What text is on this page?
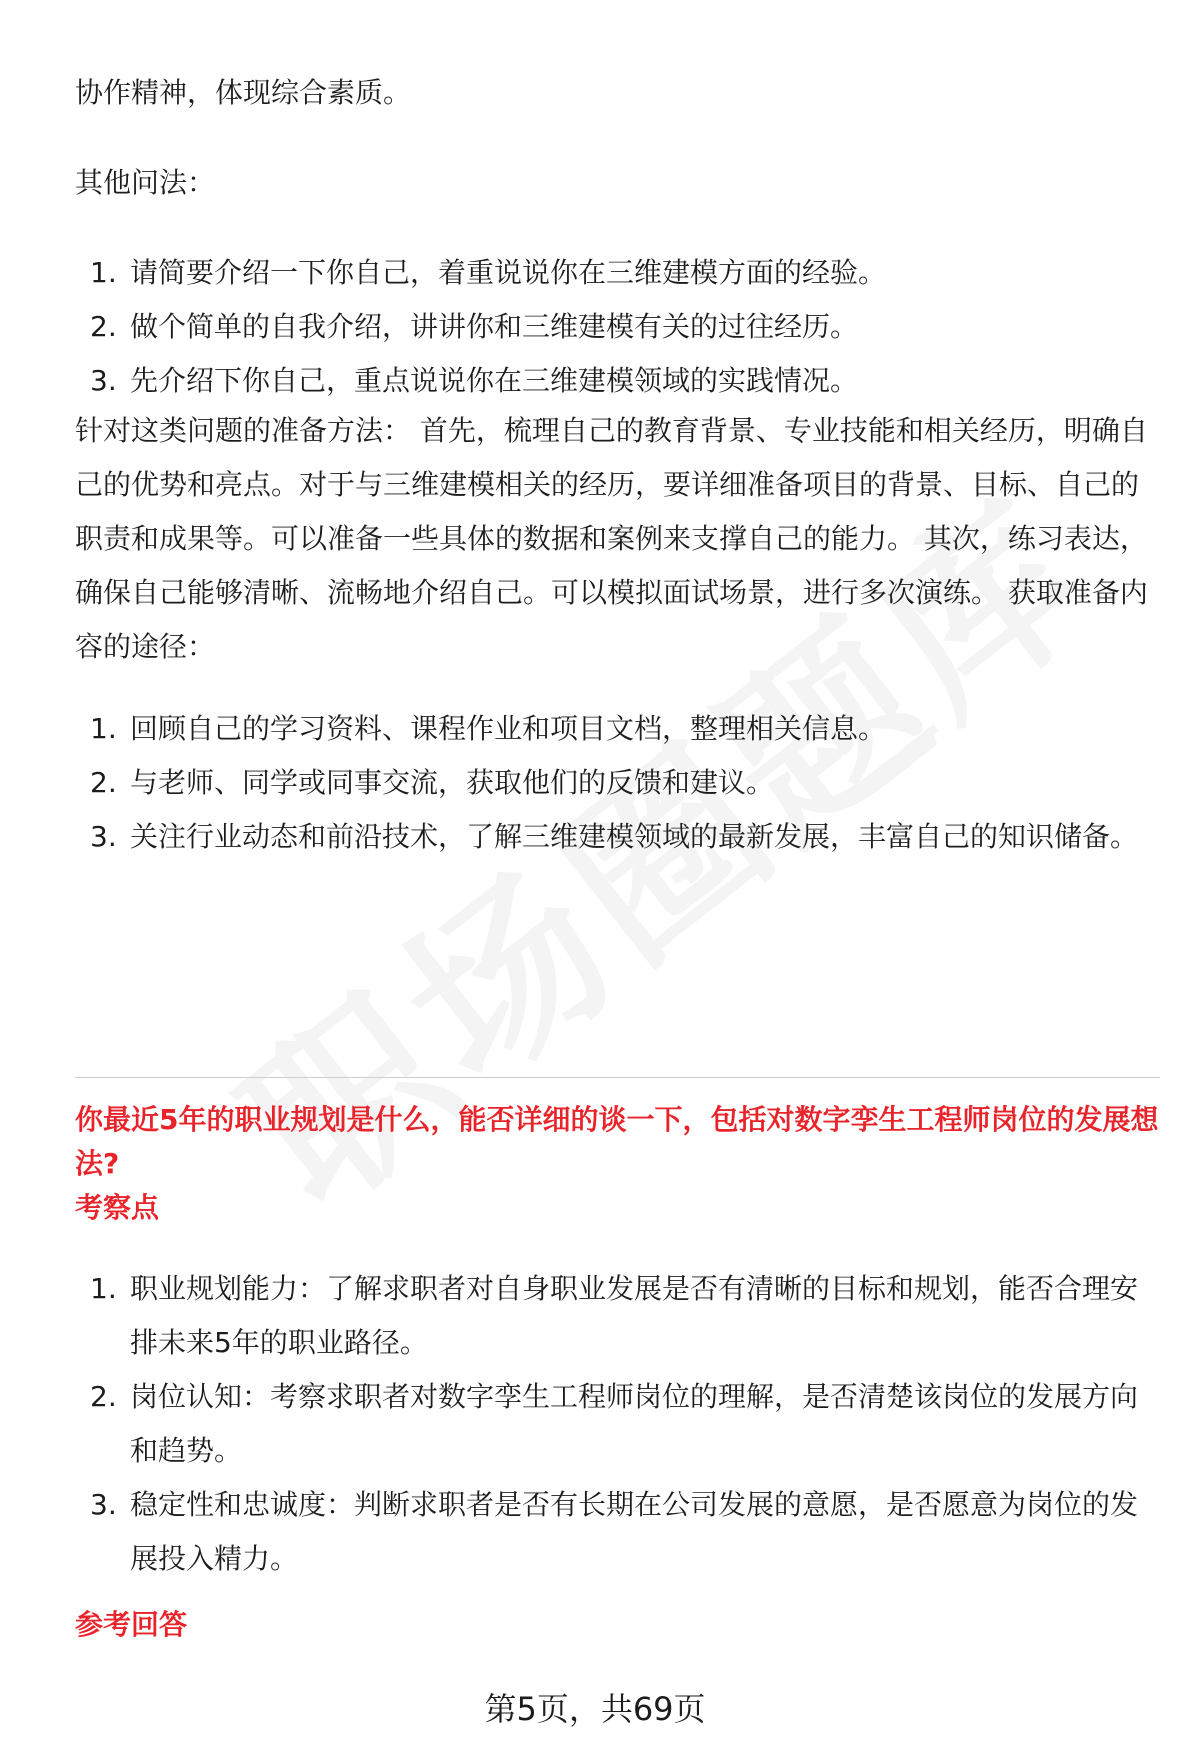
协作精神，体现综合素质。

其他问法：

1. 请简要介绍一下你自己，着重说说你在三维建模方面的经验。
2. 做个简单的自我介绍，讲讲你和三维建模有关的过往经历。
3. 先介绍下你自己，重点说说你在三维建模领域的实践情况。

针对这类问题的准备方法： 首先，梳理自己的教育背景、专业技能和相关经历，明确自己的优势和亮点。对于与三维建模相关的经历，要详细准备项目的背景、目标、自己的职责和成果等。可以准备一些具体的数据和案例来支撑自己的能力。 其次，练习表达，确保自己能够清晰、流畅地介绍自己。可以模拟面试场景，进行多次演练。 获取准备内容的途径：

1. 回顾自己的学习资料、课程作业和项目文档，整理相关信息。
2. 与老师、同学或同事交流，获取他们的反馈和建议。
3. 关注行业动态和前沿技术，了解三维建模领域的最新发展，丰富自己的知识储备。
你最近5年的职业规划是什么，能否详细的谈一下，包括对数字孪生工程师岗位的发展想法?
考察点
1. 职业规划能力：了解求职者对自身职业发展是否有清晰的目标和规划，能否合理安排未来5年的职业路径。
2. 岗位认知：考察求职者对数字孪生工程师岗位的理解，是否清楚该岗位的发展方向和趋势。
3. 稳定性和忠诚度：判断求职者是否有长期在公司发展的意愿，是否愿意为岗位的发展投入精力。
参考回答
第5页，共69页
